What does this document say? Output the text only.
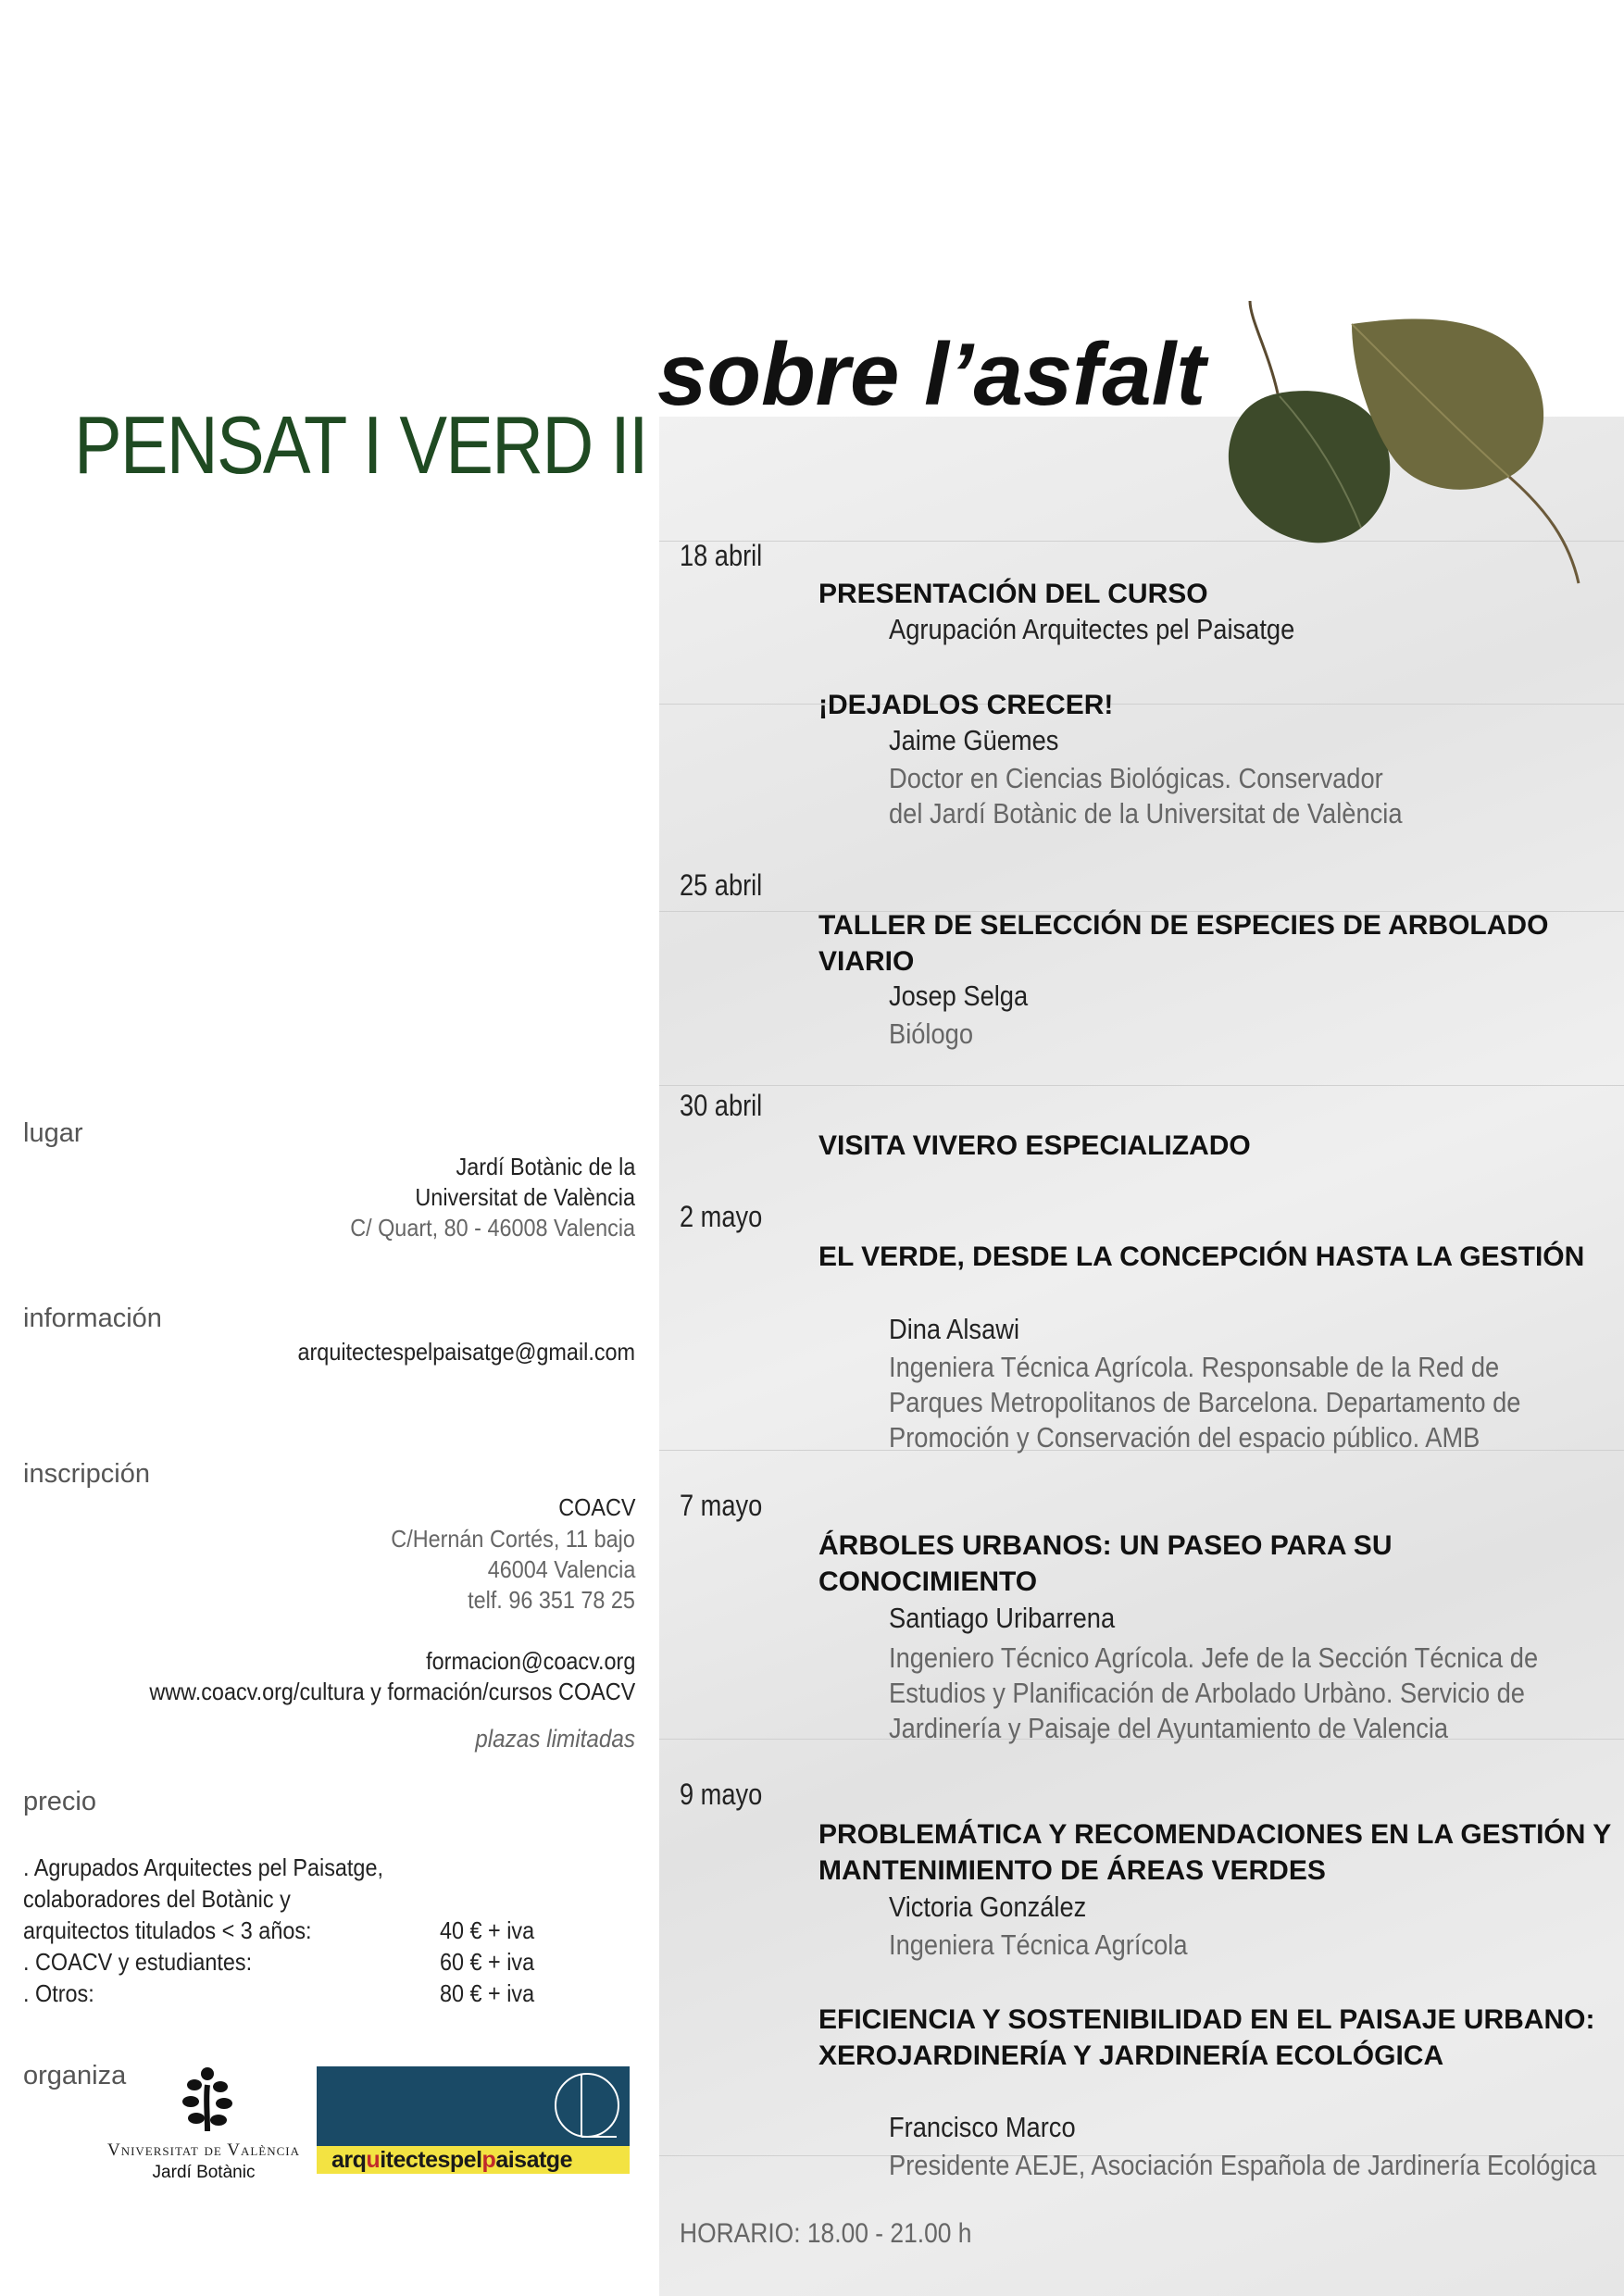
PENSAT I VERD II
sobre l’asfalt
18 abril
PRESENTACIÓN DEL CURSO
Agrupación Arquitectes pel Paisatge
¡DEJADLOS CRECER!
Jaime Güemes
Doctor en Ciencias Biológicas. Conservador
del Jardí Botànic de la Universitat de València
25 abril
TALLER DE SELECCIÓN DE ESPECIES DE ARBOLADO VIARIO
Josep Selga
Biólogo
30 abril
VISITA VIVERO ESPECIALIZADO
2 mayo
EL VERDE, DESDE LA CONCEPCIÓN HASTA LA GESTIÓN
Dina Alsawi
Ingeniera Técnica Agrícola. Responsable de la Red de
Parques Metropolitanos de Barcelona. Departamento de
Promoción y Conservación del espacio público. AMB
7 mayo
ÁRBOLES URBANOS: UN PASEO PARA SU CONOCIMIENTO
Santiago Uribarrena
Ingeniero Técnico Agrícola. Jefe de la Sección Técnica de
Estudios y Planificación de Arbolado Urbàno. Servicio de
Jardinería y Paisaje del Ayuntamiento de Valencia
9 mayo
PROBLEMÁTICA Y RECOMENDACIONES EN LA GESTIÓN Y MANTENIMIENTO DE ÁREAS VERDES
Victoria González
Ingeniera Técnica Agrícola
EFICIENCIA Y SOSTENIBILIDAD EN EL PAISAJE URBANO: XEROJARDINERÍA Y JARDINERÍA ECOLÓGICA
Francisco Marco
Presidente AEJE, Asociación Española de Jardinería Ecológica
HORARIO: 18.00 - 21.00 h
lugar
Jardí Botànic de la
Universitat de València
C/ Quart, 80 - 46008 Valencia
información
arquitectespelpaisatge@gmail.com
inscripción
COACV
C/Hernán Cortés, 11 bajo
46004 Valencia
telf. 96 351 78 25
formacion@coacv.org
www.coacv.org/cultura y formación/cursos COACV
plazas limitadas
precio
. Agrupados Arquitectes pel Paisatge,
colaboradores del Botànic y
arquitectos titulados < 3 años:	40 € + iva
. COACV y estudiantes:	60 € + iva
. Otros:	80 € + iva
organiza
Vniversitat de València
Jardí Botànic	arquitectespelpaisatge
